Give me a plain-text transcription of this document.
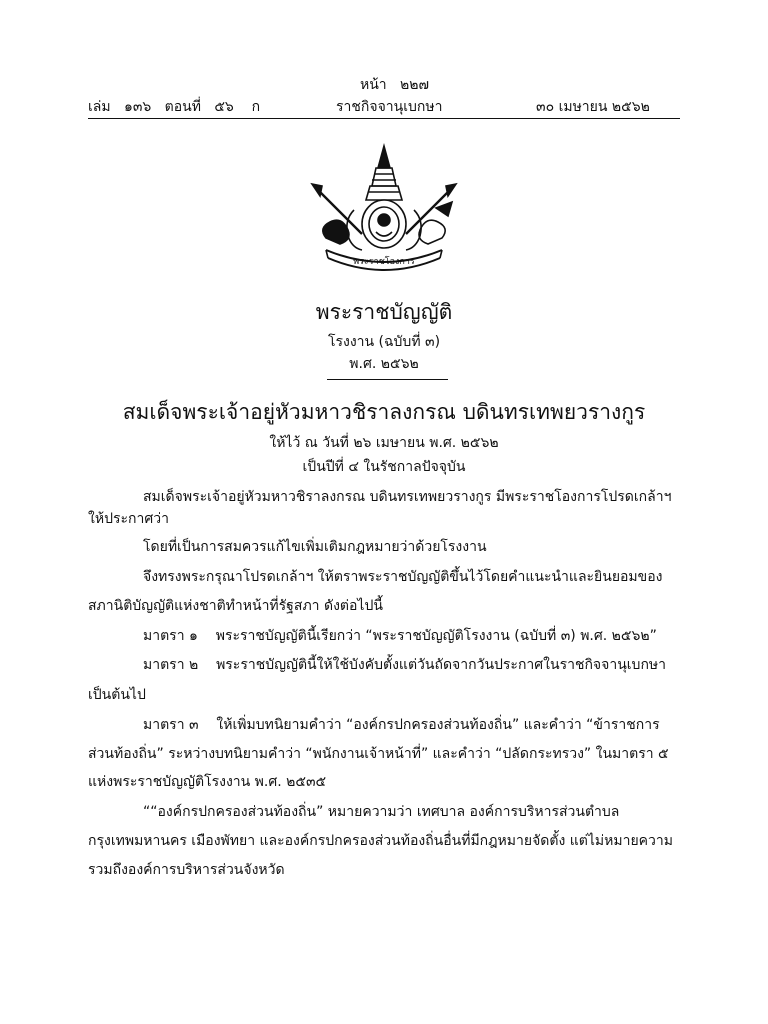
หน้า ๒๒๗
เล่ม ๑๓๖ ตอนที่ ๕๖ ก	ราชกิจจานุเบกษา	๓๐ เมษายน ๒๕๖๒
พระราชโองการ
พระราชบัญญัติ
โรงงาน (ฉบับที่ ๓)
พ.ศ. ๒๕๖๒
สมเด็จพระเจ้าอยู่หัวมหาวชิราลงกรณ บดินทรเทพยวรางกูร
ให้ไว้ ณ วันที่ ๒๖ เมษายน พ.ศ. ๒๕๖๒
เป็นปีที่ ๔ ในรัชกาลปัจจุบัน
สมเด็จพระเจ้าอยู่หัวมหาวชิราลงกรณ บดินทรเทพยวรางกูร มีพระราชโองการโปรดเกล้าฯ
ให้ประกาศว่า
โดยที่เป็นการสมควรแก้ไขเพิ่มเติมกฎหมายว่าด้วยโรงงาน
จึงทรงพระกรุณาโปรดเกล้าฯ ให้ตราพระราชบัญญัติขึ้นไว้โดยคำแนะนำและยินยอมของ
สภานิติบัญญัติแห่งชาติทำหน้าที่รัฐสภา ดังต่อไปนี้
มาตรา ๑ พระราชบัญญัตินี้เรียกว่า “พระราชบัญญัติโรงงาน (ฉบับที่ ๓) พ.ศ. ๒๕๖๒”
มาตรา ๒ พระราชบัญญัตินี้ให้ใช้บังคับตั้งแต่วันถัดจากวันประกาศในราชกิจจานุเบกษา
เป็นต้นไป
มาตรา ๓ ให้เพิ่มบทนิยามคำว่า “องค์กรปกครองส่วนท้องถิ่น” และคำว่า “ข้าราชการ
ส่วนท้องถิ่น” ระหว่างบทนิยามคำว่า “พนักงานเจ้าหน้าที่” และคำว่า “ปลัดกระทรวง” ในมาตรา ๕
แห่งพระราชบัญญัติโรงงาน พ.ศ. ๒๕๓๕
““องค์กรปกครองส่วนท้องถิ่น” หมายความว่า เทศบาล องค์การบริหารส่วนตำบล
กรุงเทพมหานคร เมืองพัทยา และองค์กรปกครองส่วนท้องถิ่นอื่นที่มีกฎหมายจัดตั้ง แต่ไม่หมายความ
รวมถึงองค์การบริหารส่วนจังหวัด
